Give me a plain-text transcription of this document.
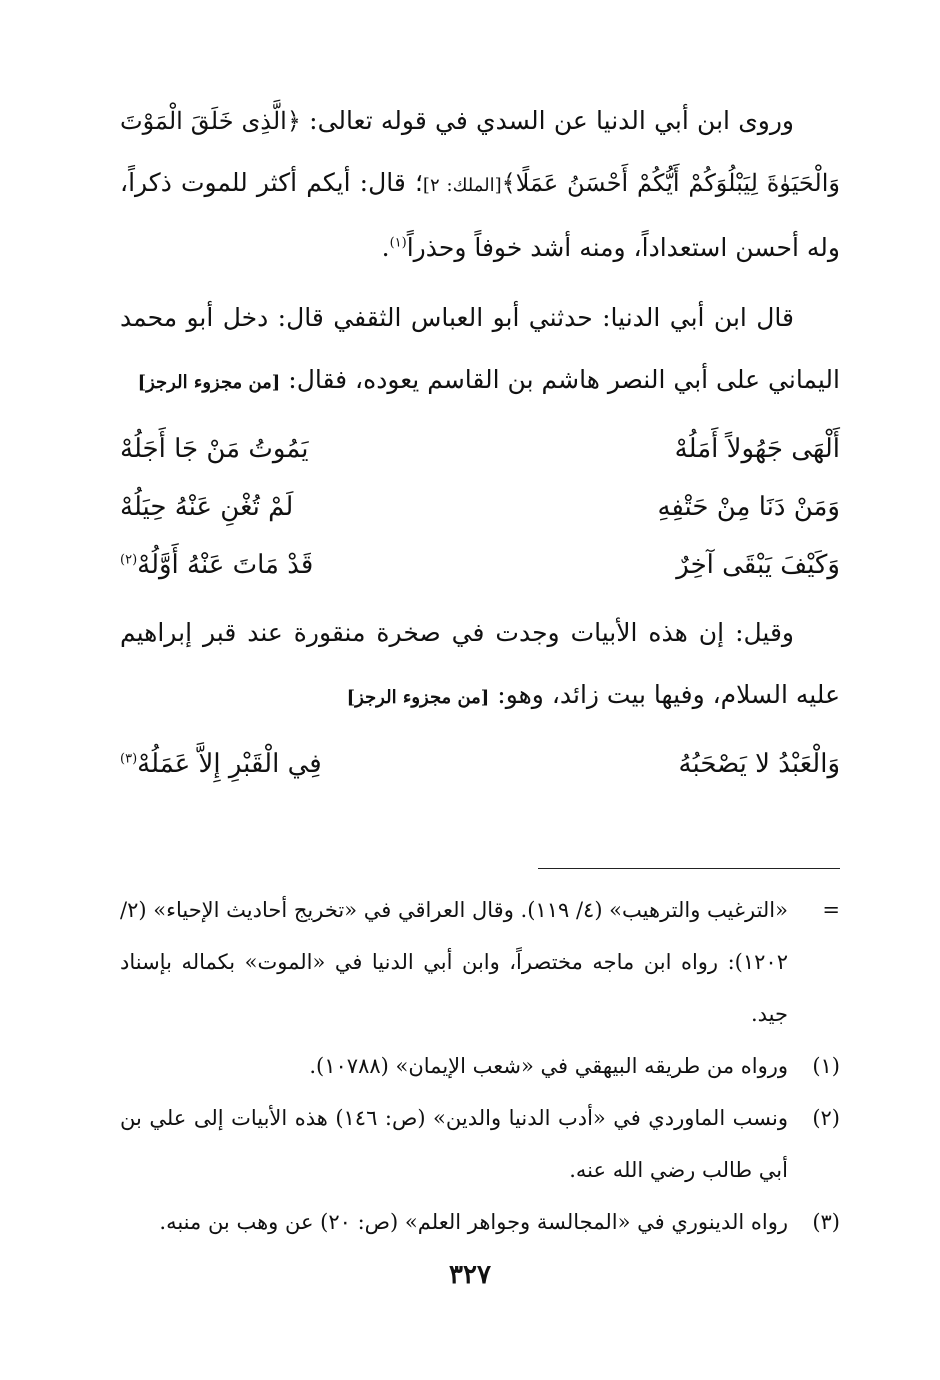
وروى ابن أبي الدنيا عن السدي في قوله تعالى: ﴿الَّذِى خَلَقَ الْمَوْتَ وَالْحَيَوٰةَ لِيَبْلُوَكُمْ أَيُّكُمْ أَحْسَنُ عَمَلًا﴾[الملك: ٢]؛ قال: أيكم أكثر للموت ذكراً، وله أحسن استعداداً، ومنه أشد خوفاً وحذراً$^{(١)}$.

قال ابن أبي الدنيا: حدثني أبو العباس الثقفي قال: دخل أبو محمد اليماني على أبي النصر هاشم بن القاسم يعوده، فقال: [من مجزوء الرجز]

أَلْهَى جَهُولاً أَمَلُهْ
يَمُوتُ مَنْ جَا أَجَلُهْ
وَمَنْ دَنَا مِنْ حَتْفِهِ
لَمْ تُغْنِ عَنْهُ حِيَلُهْ
وَكَيْفَ يَبْقَى آخِرٌ
قَدْ مَاتَ عَنْهُ أَوَّلُهْ$^{(٢)}$

وقيل: إن هذه الأبيات وجدت في صخرة منقورة عند قبر إبراهيم عليه السلام، وفيها بيت زائد، وهو: [من مجزوء الرجز]

وَالْعَبْدُ لا يَصْحَبُهُ
فِي الْقَبْرِ إِلاَّ عَمَلُهْ$^{(٣)}$
=
«الترغيب والترهيب» (٤/ ١١٩). وقال العراقي في «تخريج أحاديث الإحياء» (٢/ ١٢٠٢): رواه ابن ماجه مختصراً، وابن أبي الدنيا في «الموت» بكماله بإسناد جيد.
(١)
ورواه من طريقه البيهقي في «شعب الإيمان» (١٠٧٨٨).
(٢)
ونسب الماوردي في «أدب الدنيا والدين» (ص: ١٤٦) هذه الأبيات إلى علي بن أبي طالب رضي الله عنه.
(٣)
رواه الدينوري في «المجالسة وجواهر العلم» (ص: ٢٠) عن وهب بن منبه.
٣٢٧
